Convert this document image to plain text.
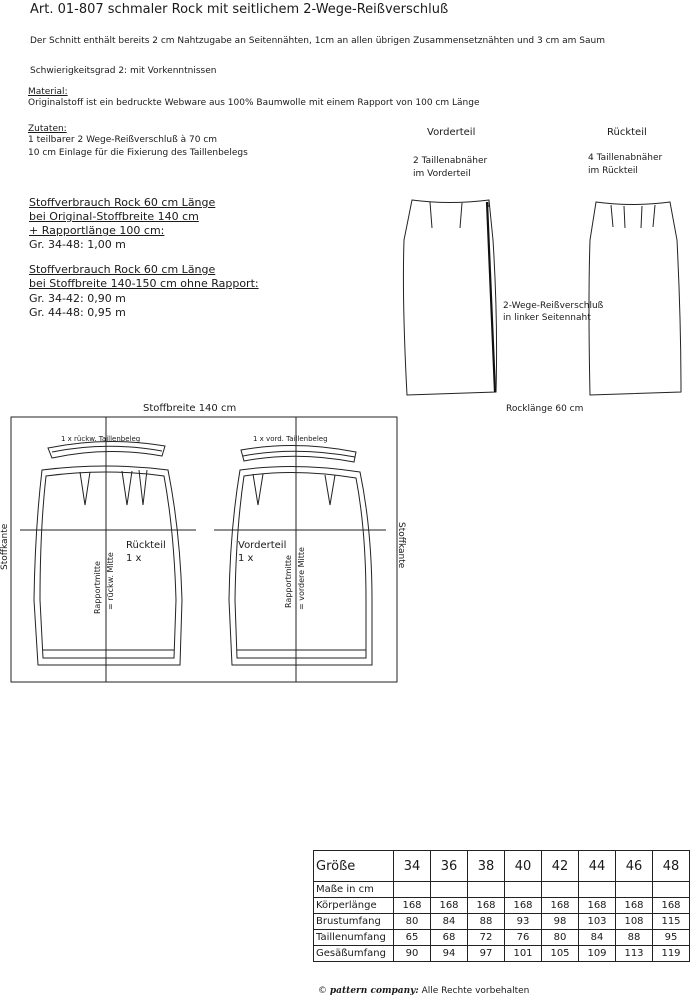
Art. 01-807 schmaler Rock mit seitlichem 2-Wege-Reißverschluß
Der Schnitt enthält bereits 2 cm Nahtzugabe an Seitennähten, 1cm an allen übrigen Zusammensetznähten und 3 cm am Saum
Schwierigkeitsgrad 2: mit Vorkenntnissen
Material:
Originalstoff ist ein bedruckte Webware aus 100% Baumwolle mit einem Rapport von 100 cm Länge
Zutaten:
1 teilbarer 2 Wege-Reißverschluß à 70 cm
10 cm Einlage für die Fixierung des Taillenbelegs
Stoffverbrauch Rock 60 cm Länge
bei Original-Stoffbreite 140 cm
+ Rapportlänge 100 cm:
Gr. 34-48: 1,00 m
Stoffverbrauch Rock 60 cm Länge
bei Stoffbreite 140-150 cm ohne Rapport:
Gr. 34-42: 0,90 m
Gr. 44-48: 0,95 m
Vorderteil	Rückteil
2 Taillenabnäher
im Vorderteil
4 Taillenabnäher
im Rückteil
2-Wege-Reißverschluß
in linker Seitennaht
Rocklänge 60 cm
Stoffbreite 140 cm
1 x rückw. Taillenbeleg	1 x vord. Taillenbeleg
Rückteil
1 x
Vorderteil
1 x
Stoffkante	Stoffkante
Rapportmitte = rückw. Mitte	Rapportmitte = vordere Mitte
Größe	34	36	38	40	42	44	46	48
Maße in cm								
Körperlänge	168	168	168	168	168	168	168	168
Brustumfang	80	84	88	93	98	103	108	115
Taillenumfang	65	68	72	76	80	84	88	95
Gesäßumfang	90	94	97	101	105	109	113	119
© pattern company: Alle Rechte vorbehalten
